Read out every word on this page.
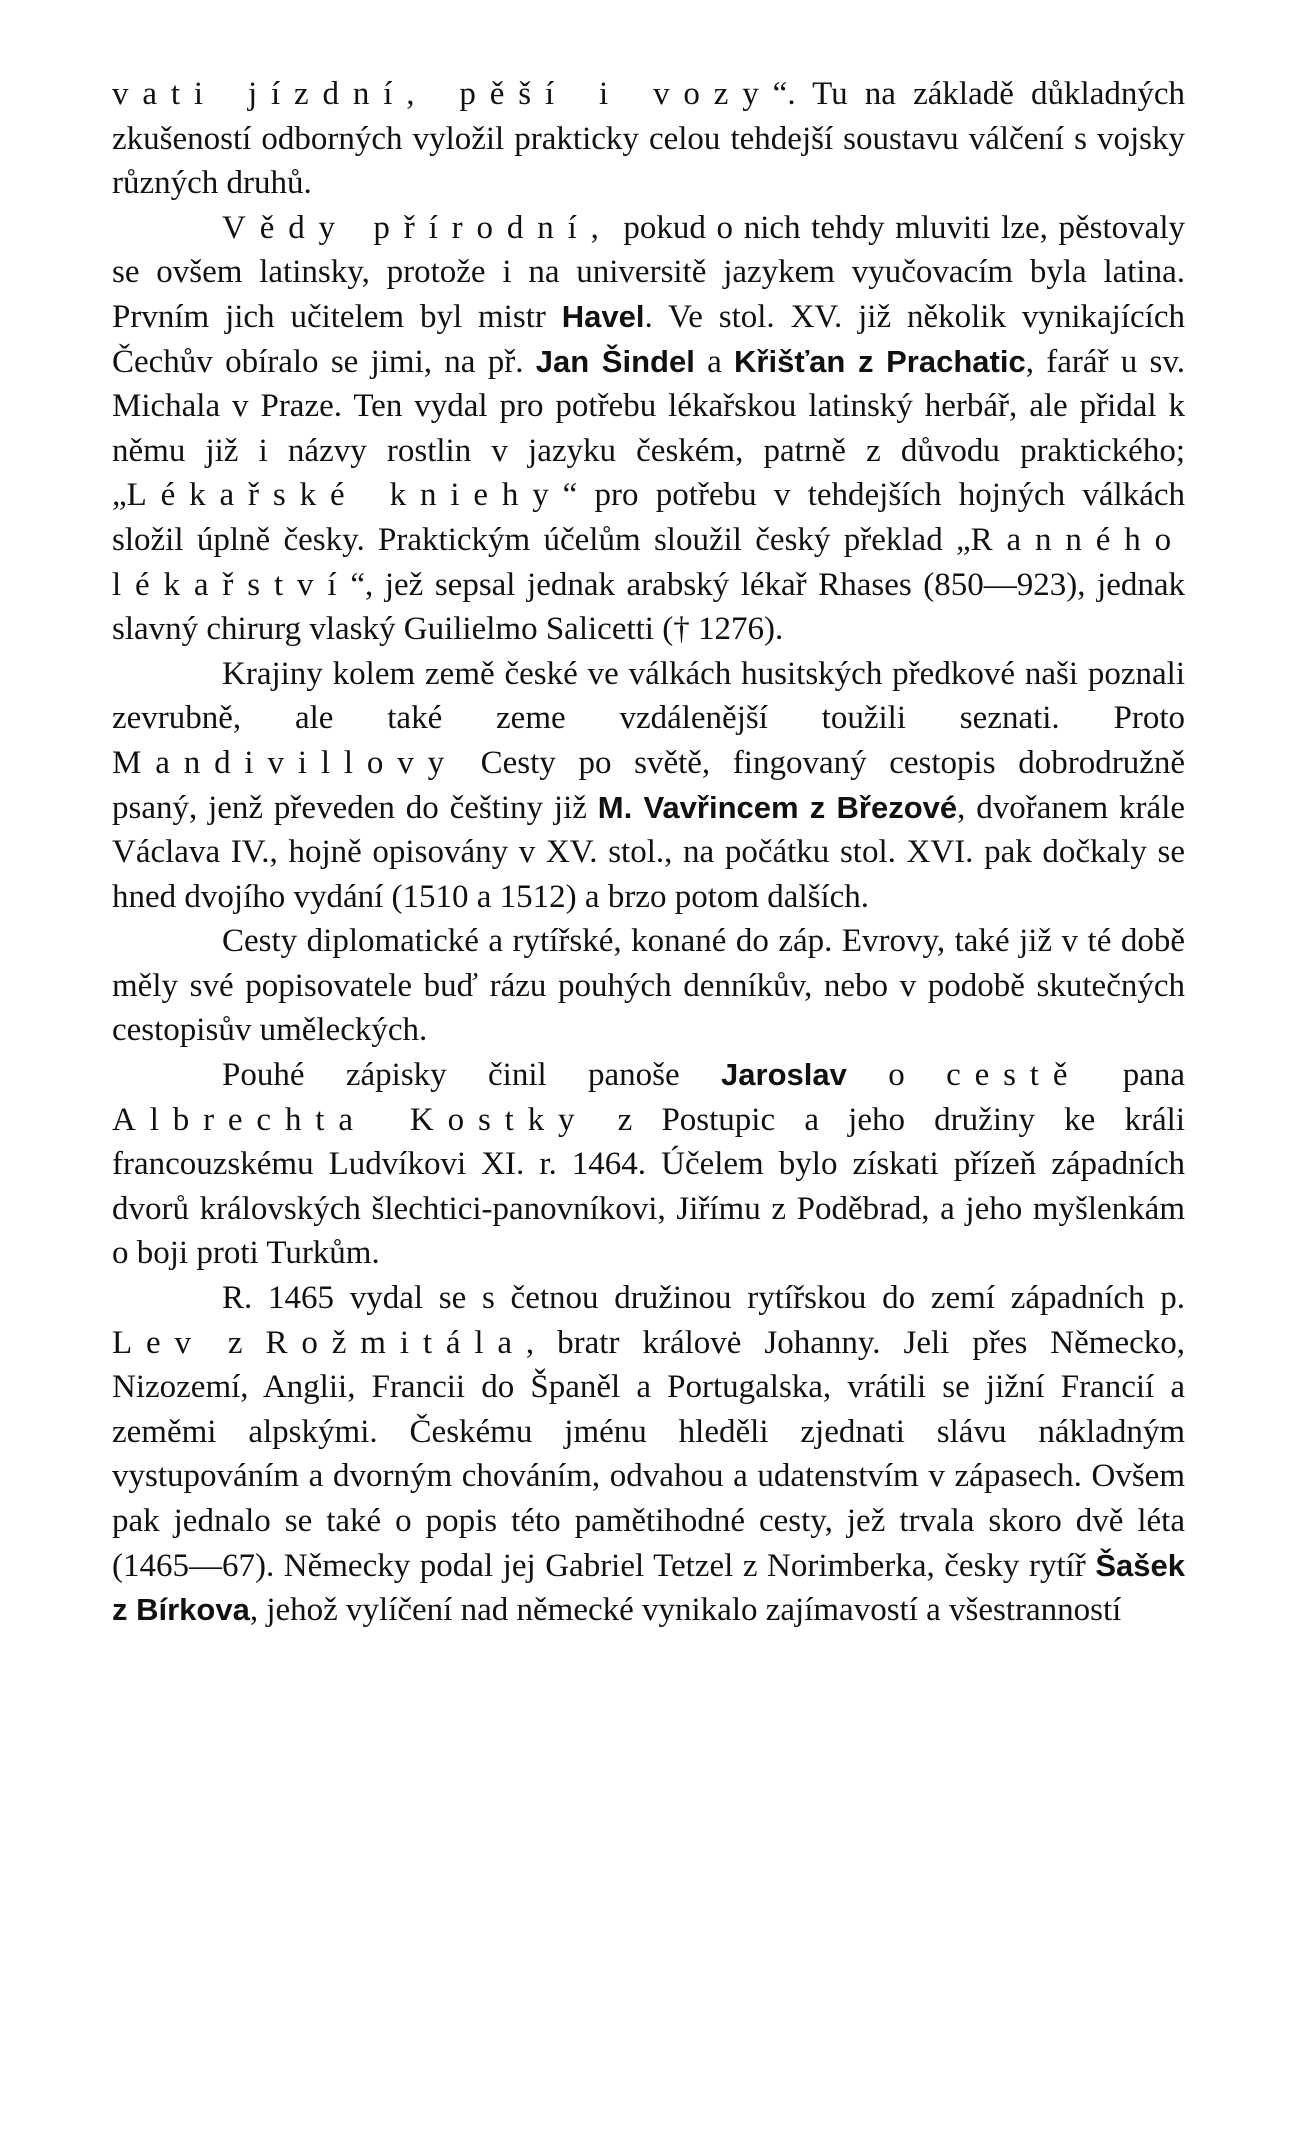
vati jízdní, pěší i vozy“. Tu na základě důkladných zkušeností odborných vyložil prakticky celou tehdejší soustavu válčení s vojsky různých druhů.

Vědy přírodní, pokud o nich tehdy mluviti lze, pěstovaly se ovšem latinsky, protože i na universitě jazykem vyučovacím byla latina. Prvním jich učitelem byl mistr Havel. Ve stol. XV. již několik vynikajících Čechův obíralo se jimi, na př. Jan Šindel a Křišťan z Prachatic, farář u sv. Michala v Praze. Ten vydal pro potřebu lékařskou latinský herbář, ale přidal k němu již i názvy rostlin v jazyku českém, patrně z důvodu praktického; „Lékařské kniehy“ pro potřebu v tehdejších hojných válkách složil úplně česky. Praktickým účelům sloužil český překlad „Ranného lékařství“, jež sepsal jednak arabský lékař Rhases (850—923), jednak slavný chirurg vlaský Guilielmo Salicetti († 1276).

Krajiny kolem země české ve válkách husitských předkové naši poznali zevrubně, ale také zeme vzdálenější toužili seznati. Proto Mandivillovy Cesty po světě, fingovaný cestopis dobrodružně psaný, jenž převeden do češtiny již M. Vavřincem z Březové, dvořanem krále Václava IV., hojně opisovány v XV. stol., na počátku stol. XVI. pak dočkaly se hned dvojího vydání (1510 a 1512) a brzo potom dalších.

Cesty diplomatické a rytířské, konané do záp. Evrovy, také již v té době měly své popisovatele buď rázu pouhých denníkův, nebo v podobě skutečných cestopisův uměleckých.

Pouhé zápisky činil panoše Jaroslav o cestě pana Albrechta Kostky z Postupic a jeho družiny ke králi francouzskému Ludvíkovi XI. r. 1464. Účelem bylo získati přízeň západních dvorů královských šlechtici-panovníkovi, Jiřímu z Poděbrad, a jeho myšlenkám o boji proti Turkům.

R. 1465 vydal se s četnou družinou rytířskou do zemí západních p. Lev z Rožmitála, bratr královė Johanny. Jeli přes Německo, Nizozemí, Anglii, Francii do Španěl a Portugalska, vrátili se jižní Francií a zeměmi alpskými. Českému jménu hleděli zjednati slávu nákladným vystupováním a dvorným chováním, odvahou a udatenstvím v zápasech. Ovšem pak jednalo se také o popis této pamětihodné cesty, jež trvala skoro dvě léta (1465—67). Německy podal jej Gabriel Tetzel z Norimberka, česky rytíř Šašek z Bírkova, jehož vylíčení nad německé vynikalo zajímavostí a všestranností
